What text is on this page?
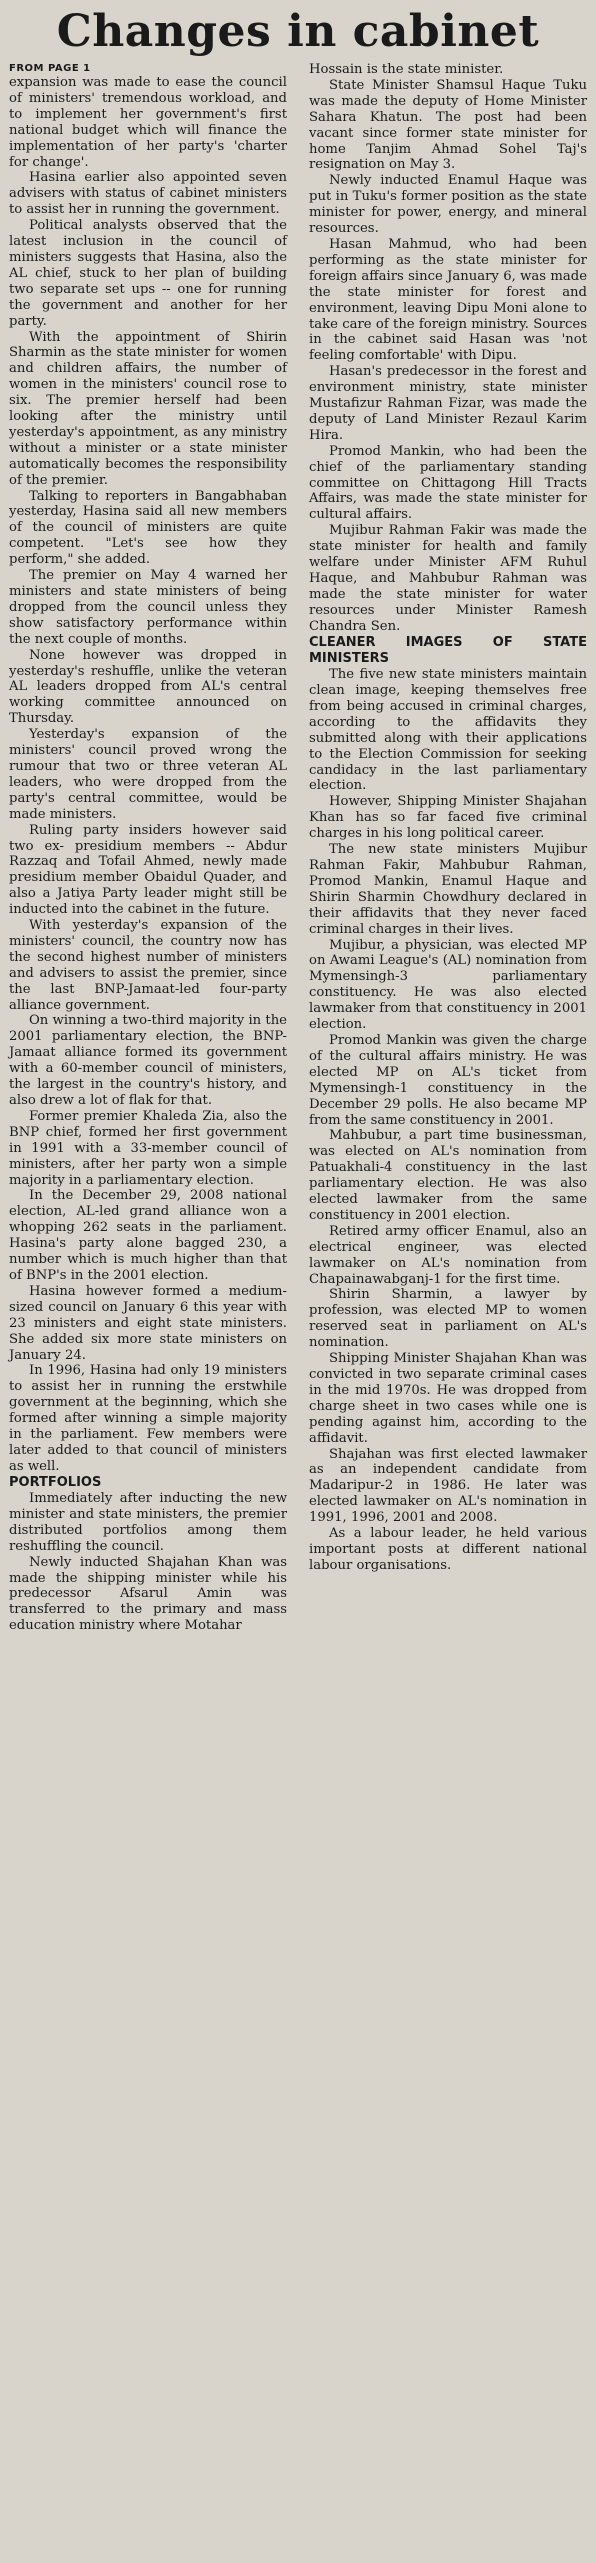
Changes in cabinet
FROM PAGE 1

expansion was made to ease the council of ministers' tremendous workload, and to implement her government's first national budget which will finance the implementation of her party's 'charter for change'.

Hasina earlier also appointed seven advisers with status of cabinet ministers to assist her in running the government.

Political analysts observed that the latest inclusion in the council of ministers suggests that Hasina, also the AL chief, stuck to her plan of building two separate set ups -- one for running the government and another for her party.

With the appointment of Shirin Sharmin as the state minister for women and children affairs, the number of women in the ministers' council rose to six. The premier herself had been looking after the ministry until yesterday's appointment, as any ministry without a minister or a state minister automatically becomes the responsibility of the premier.

Talking to reporters in Bangabhaban yesterday, Hasina said all new members of the council of ministers are quite competent. "Let's see how they perform," she added.

The premier on May 4 warned her ministers and state ministers of being dropped from the council unless they show satisfactory performance within the next couple of months.

None however was dropped in yesterday's reshuffle, unlike the veteran AL leaders dropped from AL's central working committee announced on Thursday.

Yesterday's expansion of the ministers' council proved wrong the rumour that two or three veteran AL leaders, who were dropped from the party's central committee, would be made ministers.

Ruling party insiders however said two ex- presidium members -- Abdur Razzaq and Tofail Ahmed, newly made presidium member Obaidul Quader, and also a Jatiya Party leader might still be inducted into the cabinet in the future.

With yesterday's expansion of the ministers' council, the country now has the second highest number of ministers and advisers to assist the premier, since the last BNP-Jamaat-led four-party alliance government.

On winning a two-third majority in the 2001 parliamentary election, the BNP-Jamaat alliance formed its government with a 60-member council of ministers, the largest in the country's history, and also drew a lot of flak for that.

Former premier Khaleda Zia, also the BNP chief, formed her first government in 1991 with a 33-member council of ministers, after her party won a simple majority in a parliamentary election.

In the December 29, 2008 national election, AL-led grand alliance won a whopping 262 seats in the parliament. Hasina's party alone bagged 230, a number which is much higher than that of BNP's in the 2001 election.

Hasina however formed a medium-sized council on January 6 this year with 23 ministers and eight state ministers. She added six more state ministers on January 24.

In 1996, Hasina had only 19 ministers to assist her in running the erstwhile government at the beginning, which she formed after winning a simple majority in the parliament. Few members were later added to that council of ministers as well.

PORTFOLIOS

Immediately after inducting the new minister and state ministers, the premier distributed portfolios among them reshuffling the council.

Newly inducted Shajahan Khan was made the shipping minister while his predecessor Afsarul Amin was transferred to the primary and mass education ministry where Motahar

Hossain is the state minister.

State Minister Shamsul Haque Tuku was made the deputy of Home Minister Sahara Khatun. The post had been vacant since former state minister for home Tanjim Ahmad Sohel Taj's resignation on May 3.

Newly inducted Enamul Haque was put in Tuku's former position as the state minister for power, energy, and mineral resources.

Hasan Mahmud, who had been performing as the state minister for foreign affairs since January 6, was made the state minister for forest and environment, leaving Dipu Moni alone to take care of the foreign ministry. Sources in the cabinet said Hasan was 'not feeling comfortable' with Dipu.

Hasan's predecessor in the forest and environment ministry, state minister Mustafizur Rahman Fizar, was made the deputy of Land Minister Rezaul Karim Hira.

Promod Mankin, who had been the chief of the parliamentary standing committee on Chittagong Hill Tracts Affairs, was made the state minister for cultural affairs.

Mujibur Rahman Fakir was made the state minister for health and family welfare under Minister AFM Ruhul Haque, and Mahbubur Rahman was made the state minister for water resources under Minister Ramesh Chandra Sen.

CLEANER IMAGES OF STATE MINISTERS

The five new state ministers maintain clean image, keeping themselves free from being accused in criminal charges, according to the affidavits they submitted along with their applications to the Election Commission for seeking candidacy in the last parliamentary election.

However, Shipping Minister Shajahan Khan has so far faced five criminal charges in his long political career.

The new state ministers Mujibur Rahman Fakir, Mahbubur Rahman, Promod Mankin, Enamul Haque and Shirin Sharmin Chowdhury declared in their affidavits that they never faced criminal charges in their lives.

Mujibur, a physician, was elected MP on Awami League's (AL) nomination from Mymensingh-3 parliamentary constituency. He was also elected lawmaker from that constituency in 2001 election.

Promod Mankin was given the charge of the cultural affairs ministry. He was elected MP on AL's ticket from Mymensingh-1 constituency in the December 29 polls. He also became MP from the same constituency in 2001.

Mahbubur, a part time businessman, was elected on AL's nomination from Patuakhali-4 constituency in the last parliamentary election. He was also elected lawmaker from the same constituency in 2001 election.

Retired army officer Enamul, also an electrical engineer, was elected lawmaker on AL's nomination from Chapainawabganj-1 for the first time.

Shirin Sharmin, a lawyer by profession, was elected MP to women reserved seat in parliament on AL's nomination.

Shipping Minister Shajahan Khan was convicted in two separate criminal cases in the mid 1970s. He was dropped from charge sheet in two cases while one is pending against him, according to the affidavit.

Shajahan was first elected lawmaker as an independent candidate from Madaripur-2 in 1986. He later was elected lawmaker on AL's nomination in 1991, 1996, 2001 and 2008.

As a labour leader, he held various important posts at different national labour organisations.
